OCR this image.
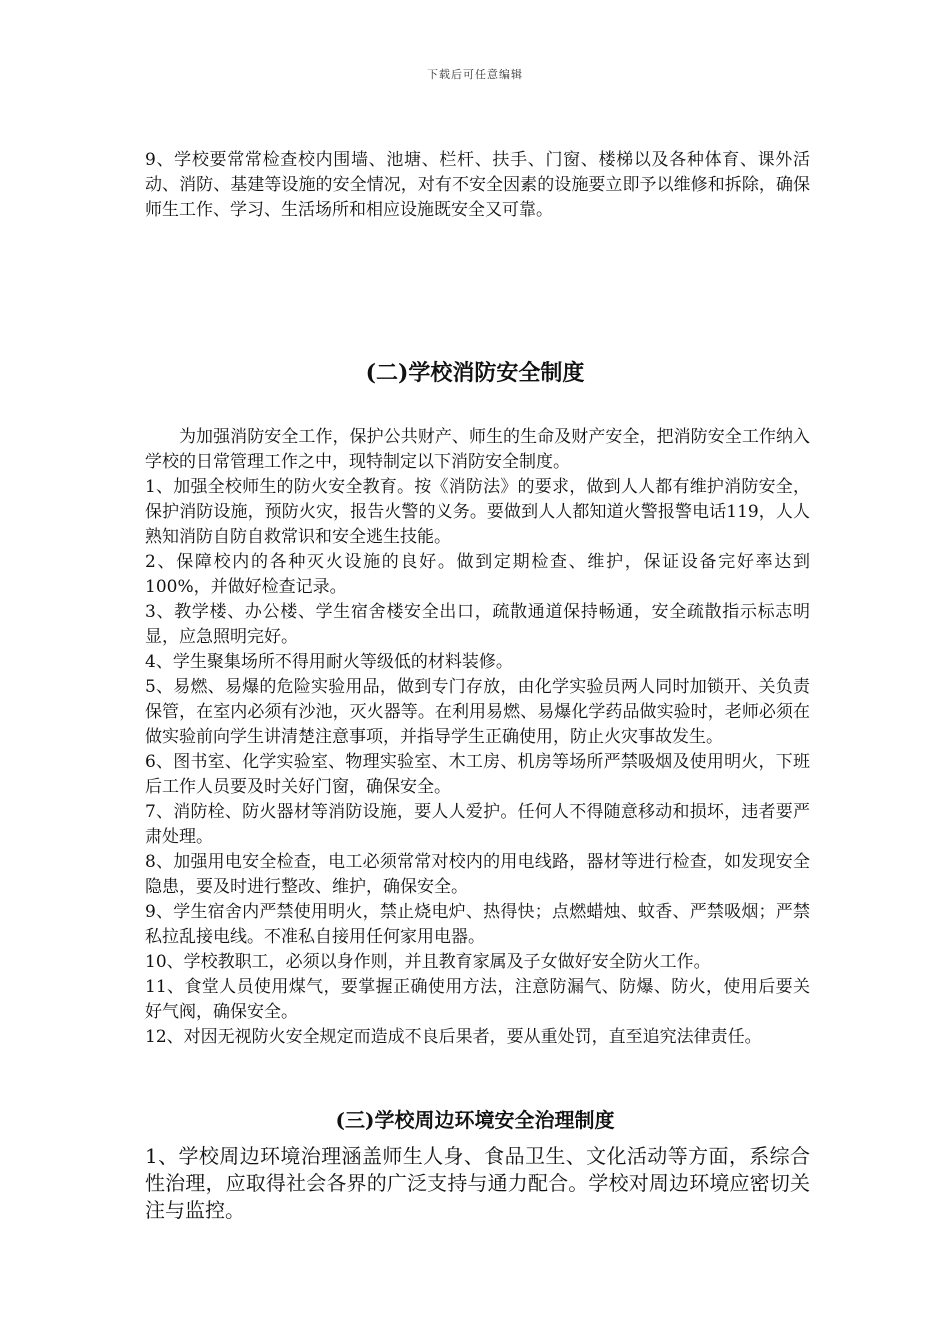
下载后可任意编辑

9、学校要常常检查校内围墙、池塘、栏杆、扶手、门窗、楼梯以及各种体育、课外活动、消防、基建等设施的安全情况，对有不安全因素的设施要立即予以维修和拆除，确保师生工作、学习、生活场所和相应设施既安全又可靠。

(二)学校消防安全制度

为加强消防安全工作，保护公共财产、师生的生命及财产安全，把消防安全工作纳入学校的日常管理工作之中，现特制定以下消防安全制度。

1、加强全校师生的防火安全教育。按《消防法》的要求，做到人人都有维护消防安全，保护消防设施，预防火灾，报告火警的义务。要做到人人都知道火警报警电话119，人人熟知消防自防自救常识和安全逃生技能。

2、保障校内的各种灭火设施的良好。做到定期检查、维护，保证设备完好率达到100%，并做好检查记录。

3、教学楼、办公楼、学生宿舍楼安全出口，疏散通道保持畅通，安全疏散指示标志明显，应急照明完好。

4、学生聚集场所不得用耐火等级低的材料装修。

5、易燃、易爆的危险实验用品，做到专门存放，由化学实验员两人同时加锁开、关负责保管，在室内必须有沙池，灭火器等。在利用易燃、易爆化学药品做实验时，老师必须在做实验前向学生讲清楚注意事项，并指导学生正确使用，防止火灾事故发生。

6、图书室、化学实验室、物理实验室、木工房、机房等场所严禁吸烟及使用明火，下班后工作人员要及时关好门窗，确保安全。

7、消防栓、防火器材等消防设施，要人人爱护。任何人不得随意移动和损坏，违者要严肃处理。

8、加强用电安全检查，电工必须常常对校内的用电线路，器材等进行检查，如发现安全隐患，要及时进行整改、维护，确保安全。

9、学生宿舍内严禁使用明火，禁止烧电炉、热得快；点燃蜡烛、蚊香、严禁吸烟；严禁私拉乱接电线。不准私自接用任何家用电器。

10、学校教职工，必须以身作则，并且教育家属及子女做好安全防火工作。

11、食堂人员使用煤气，要掌握正确使用方法，注意防漏气、防爆、防火，使用后要关好气阀，确保安全。

12、对因无视防火安全规定而造成不良后果者，要从重处罚，直至追究法律责任。

(三)学校周边环境安全治理制度

1、学校周边环境治理涵盖师生人身、食品卫生、文化活动等方面，系综合性治理，应取得社会各界的广泛支持与通力配合。学校对周边环境应密切关注与监控。
